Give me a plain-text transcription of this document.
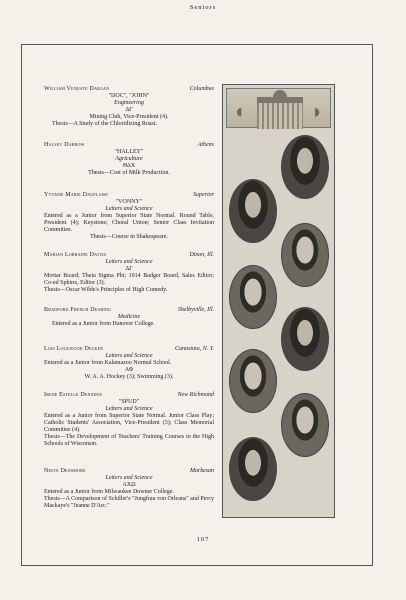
Seniors
William Venuste Dargan	Columbus
"DOC", "JOHN"
Engineering
ΔΓ
Mining Club, Vice-President (4).
Thesis—A Study of the Chloridizing Roast.
Halsey Darrow	Athens
"HALLEY"
Agriculture
ΘΔΧ
Thesis—Cost of Milk Production.
Yvonne Marie Dauplaise	Superior
"VONNY"
Letters and Science
Entered as a Junior from Superior State Normal. Round Table, President (4); Keystone; Choral Union; Senior Class Invitation Committee.
Thesis—Course in Shakespeare.
Marian Lorraine Davies	Dixon, Ill.
Letters and Science
ΔΓ
Mortar Board; Theta Sigma Phi; 1914 Badger Board, Sales Editor; Co-ed Sphinx, Editor (3).
Thesis—Oscar Wilde's Principles of High Comedy.
Bradford French Dearing	Shelbyville, Ill.
Medicine
Entered as a Junior from Hanover College.
Lois Lockwood Decker	Canastota, N. Y.
Letters and Science
Entered as a Junior from Kalamazoo Normal School.
ΑΦ
W. A. A. Hockey (3); Swimming (3).
Irene Estelle Denneen	New Richmond
"SPUD"
Letters and Science
Entered as a Junior from Superior State Normal. Junior Class Play; Catholic Students' Association, Vice-President (3); Class Memorial Committee (4).
Thesis—The Development of Teachers' Training Courses in the High Schools of Wisconsin.
Neste Densmore	Markesan
Letters and Science
ΑΧΩ
Entered as a Junior from Milwaukee Downer College.
Thesis—A Comparison of Schiller's "Jungfrau von Orleans" and Percy Mackaye's "Jeanne D'Arc."
◖	◗
107
